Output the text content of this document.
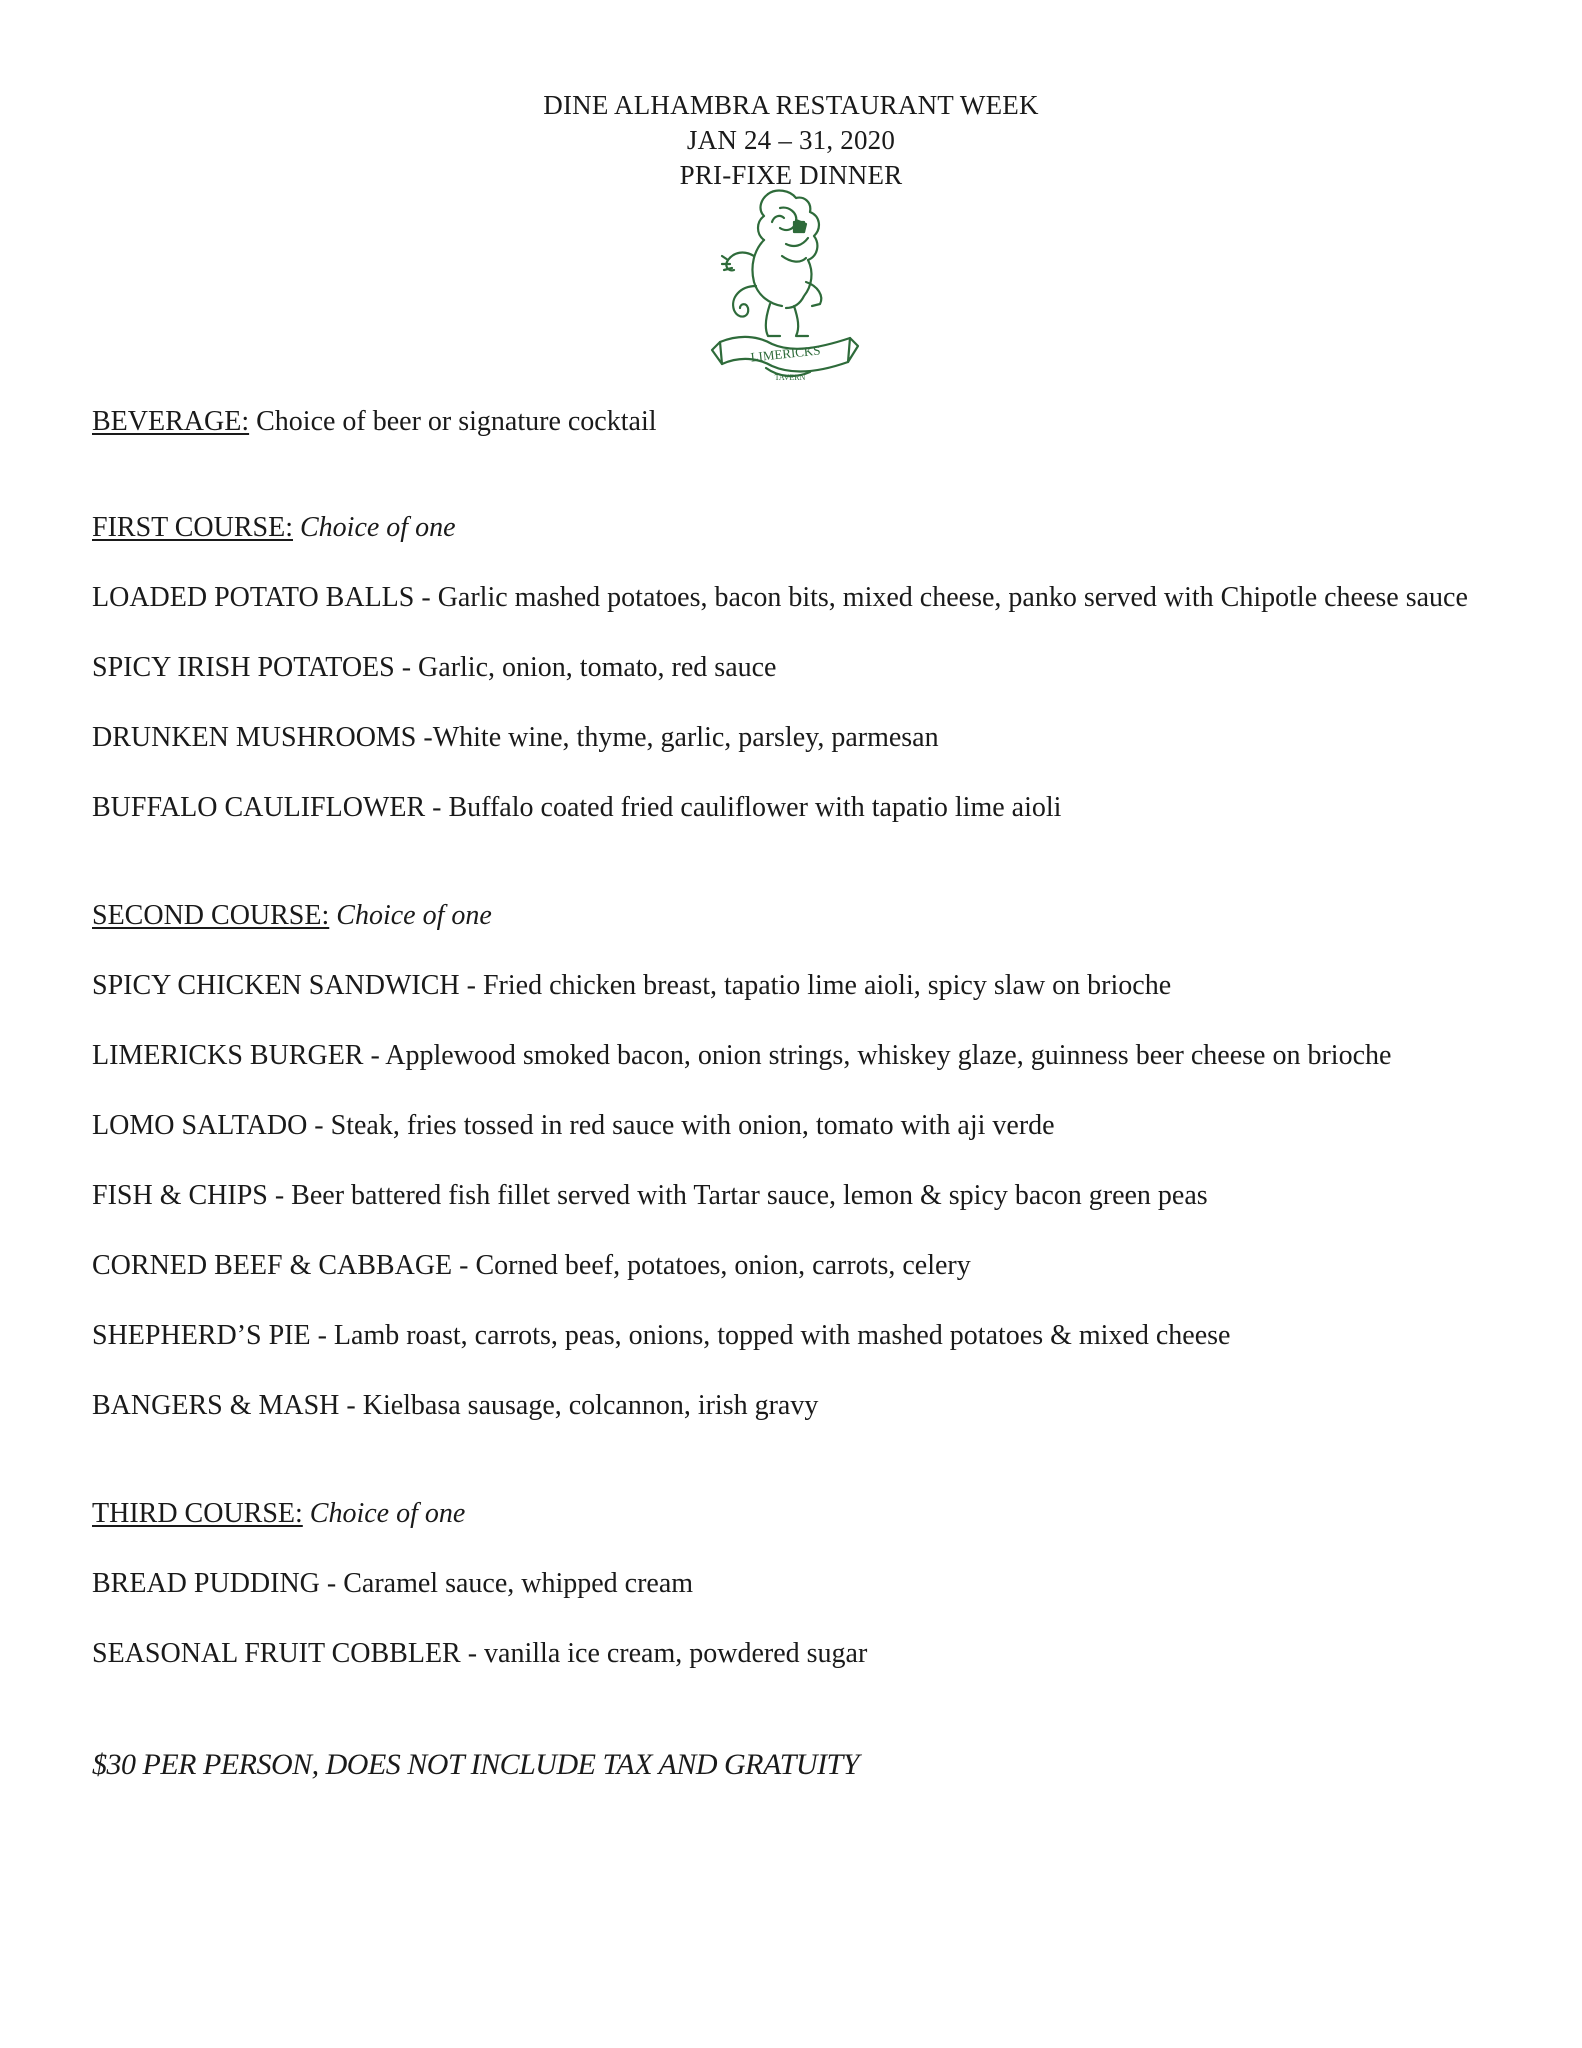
DINE ALHAMBRA RESTAURANT WEEK
JAN 24 – 31, 2020
PRI-FIXE DINNER
LIMERICKS
TAVERN

BEVERAGE: Choice of beer or signature cocktail

FIRST COURSE: Choice of one

LOADED POTATO BALLS - Garlic mashed potatoes, bacon bits, mixed cheese, panko served with Chipotle cheese sauce

SPICY IRISH POTATOES - Garlic, onion, tomato, red sauce

DRUNKEN MUSHROOMS -White wine, thyme, garlic, parsley, parmesan

BUFFALO CAULIFLOWER - Buffalo coated fried cauliflower with tapatio lime aioli

SECOND COURSE: Choice of one

SPICY CHICKEN SANDWICH - Fried chicken breast, tapatio lime aioli, spicy slaw on brioche

LIMERICKS BURGER - Applewood smoked bacon, onion strings, whiskey glaze, guinness beer cheese on brioche

LOMO SALTADO - Steak, fries tossed in red sauce with onion, tomato with aji verde

FISH & CHIPS - Beer battered fish fillet served with Tartar sauce, lemon & spicy bacon green peas

CORNED BEEF & CABBAGE - Corned beef, potatoes, onion, carrots, celery

SHEPHERD’S PIE - Lamb roast, carrots, peas, onions, topped with mashed potatoes & mixed cheese

BANGERS & MASH - Kielbasa sausage, colcannon, irish gravy

THIRD COURSE: Choice of one

BREAD PUDDING - Caramel sauce, whipped cream

SEASONAL FRUIT COBBLER - vanilla ice cream, powdered sugar

$30 PER PERSON, DOES NOT INCLUDE TAX AND GRATUITY
